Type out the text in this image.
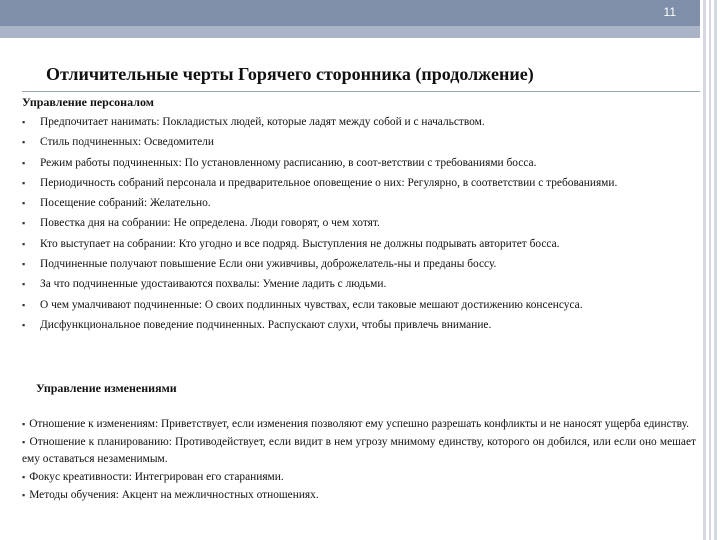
11
Отличительные черты Горячего сторонника (продолжение)
Управление персоналом
▪ Предпочитает нанимать: Покладистых людей, которые ладят между собой и с начальством.
▪ Стиль подчиненных: Осведомители
▪ Режим работы подчиненных: По установленному расписанию, в соот-ветствии с требованиями босса.
▪ Периодичность собраний персонала и предварительное оповещение о них: Регулярно, в соответствии с требованиями.
▪ Посещение собраний: Желательно.
▪ Повестка дня на собрании: Не определена. Люди говорят, о чем хотят.
▪ Кто выступает на собрании: Кто угодно и все подряд. Выступления не должны подрывать авторитет босса.
▪ Подчиненные получают повышение Если они уживчивы, доброжелатель-ны и преданы боссу.
▪ За что подчиненные удостаиваются похвалы: Умение ладить с людьми.
▪ О чем умалчивают подчиненные: О своих подлинных чувствах, если таковые мешают достижению консенсуса.
▪ Дисфункциональное поведение подчиненных. Распускают слухи, чтобы привлечь внимание.
Управление изменениями
▪ Отношение к изменениям: Приветствует, если изменения позволяют ему успешно разрешать конфликты и не наносят ущерба единству.
▪ Отношение к планированию: Противодействует, если видит в нем угрозу мнимому единству, которого он добился, или если оно мешает ему оставаться незаменимым.
▪ Фокус креативности: Интегрирован его стараниями.
▪ Методы обучения: Акцент на межличностных отношениях.
